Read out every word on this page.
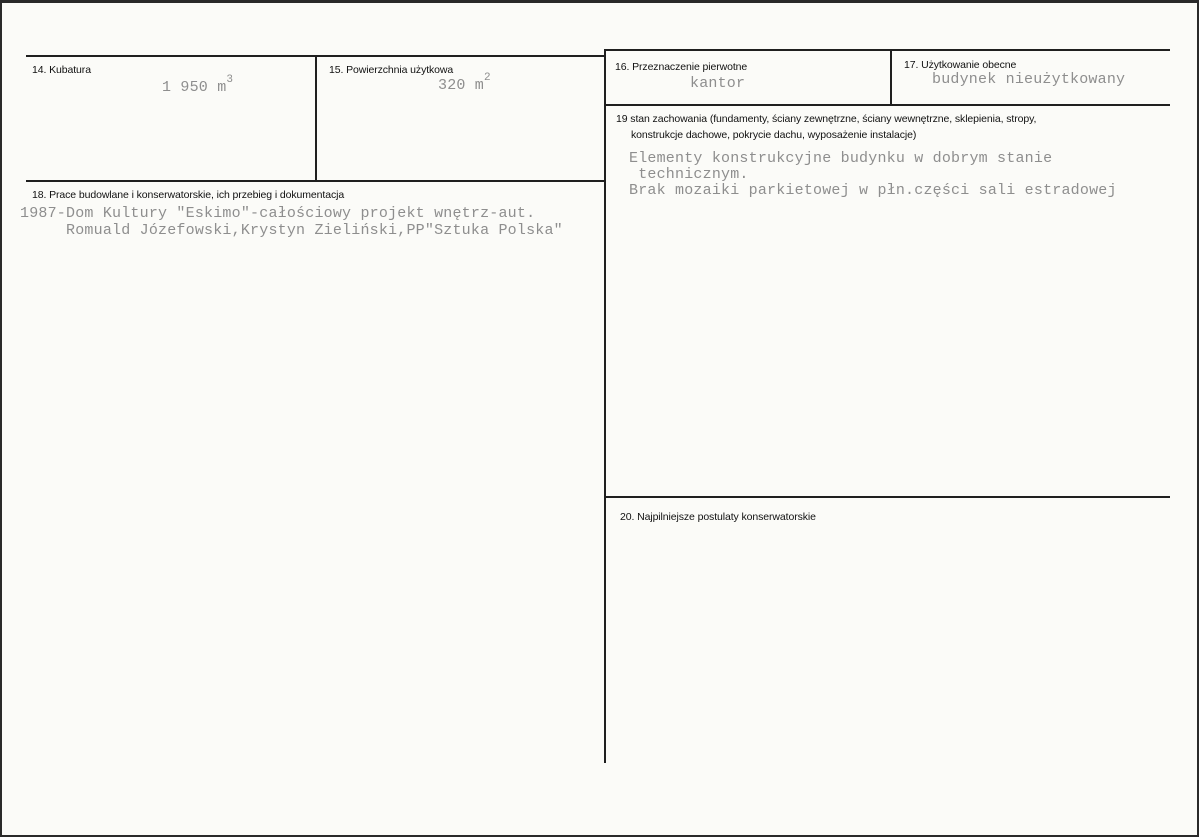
14. Kubatura
1 950 $m^3$
15. Powierzchnia użytkowa
320 $m^2$
16. Przeznaczenie pierwotne
kantor
17. Użytkowanie obecne
budynek nieużytkowany
19 stan zachowania (fundamenty, ściany zewnętrzne, ściany wewnętrzne, sklepienia, stropy,
konstrukcje dachowe, pokrycie dachu, wyposażenie instalacje)
Elementy konstrukcyjne budynku w dobrym stanie
technicznym.
Brak mozaiki parkietowej w płn.części sali estradowej
18. Prace budowlane i konserwatorskie, ich przebieg i dokumentacja
1987-Dom Kultury "Eskimo"-całościowy projekt wnętrz-aut.
Romuald Józefowski,Krystyn Zieliński,PP"Sztuka Polska"
20. Najpilniejsze postulaty konserwatorskie
